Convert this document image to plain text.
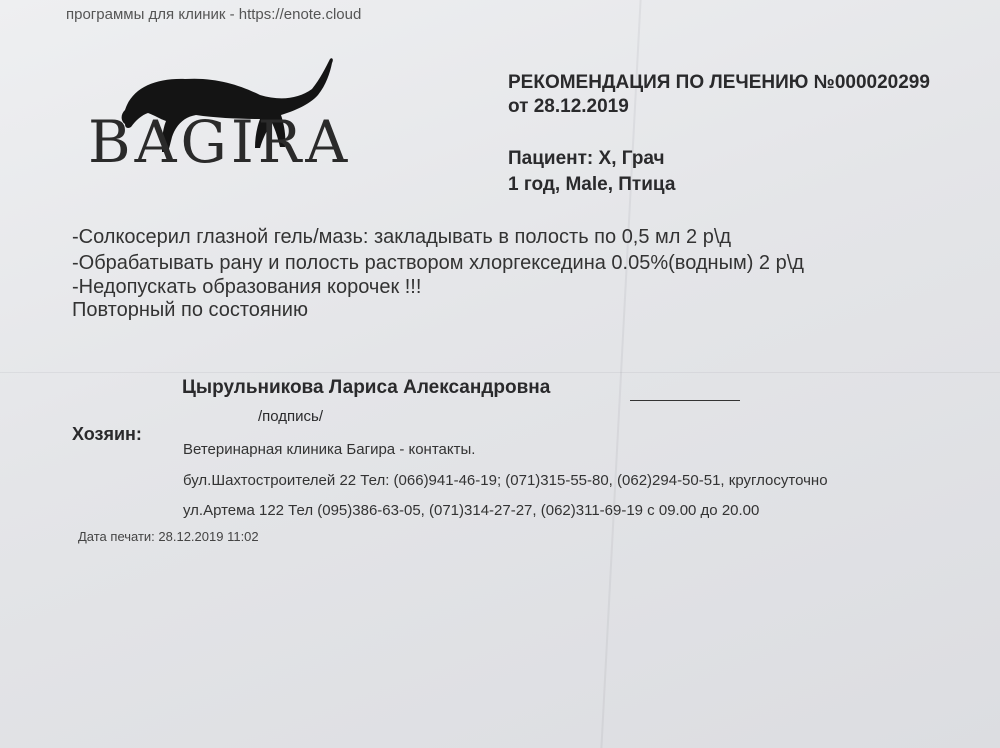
программы для клиник - https://enote.cloud
BAGIRA
РЕКОМЕНДАЦИЯ ПО ЛЕЧЕНИЮ №000020299
от 28.12.2019
Пациент: Х, Грач
1 год, Male, Птица
-Солкосерил глазной гель/мазь: закладывать в полость по 0,5 мл 2 р\д
-Обрабатывать рану и полость раствором хлоргекседина 0.05%(водным) 2 р\д
-Недопускать образования корочек !!!
Повторный по состоянию
Цырульникова Лариса Александровна
/подпись/
Хозяин:
Ветеринарная клиника Багира - контакты.
бул.Шахтостроителей 22 Тел: (066)941-46-19; (071)315-55-80, (062)294-50-51, круглосуточно
ул.Артема 122 Тел (095)386-63-05, (071)314-27-27, (062)311-69-19 с 09.00 до 20.00
Дата печати: 28.12.2019 11:02
